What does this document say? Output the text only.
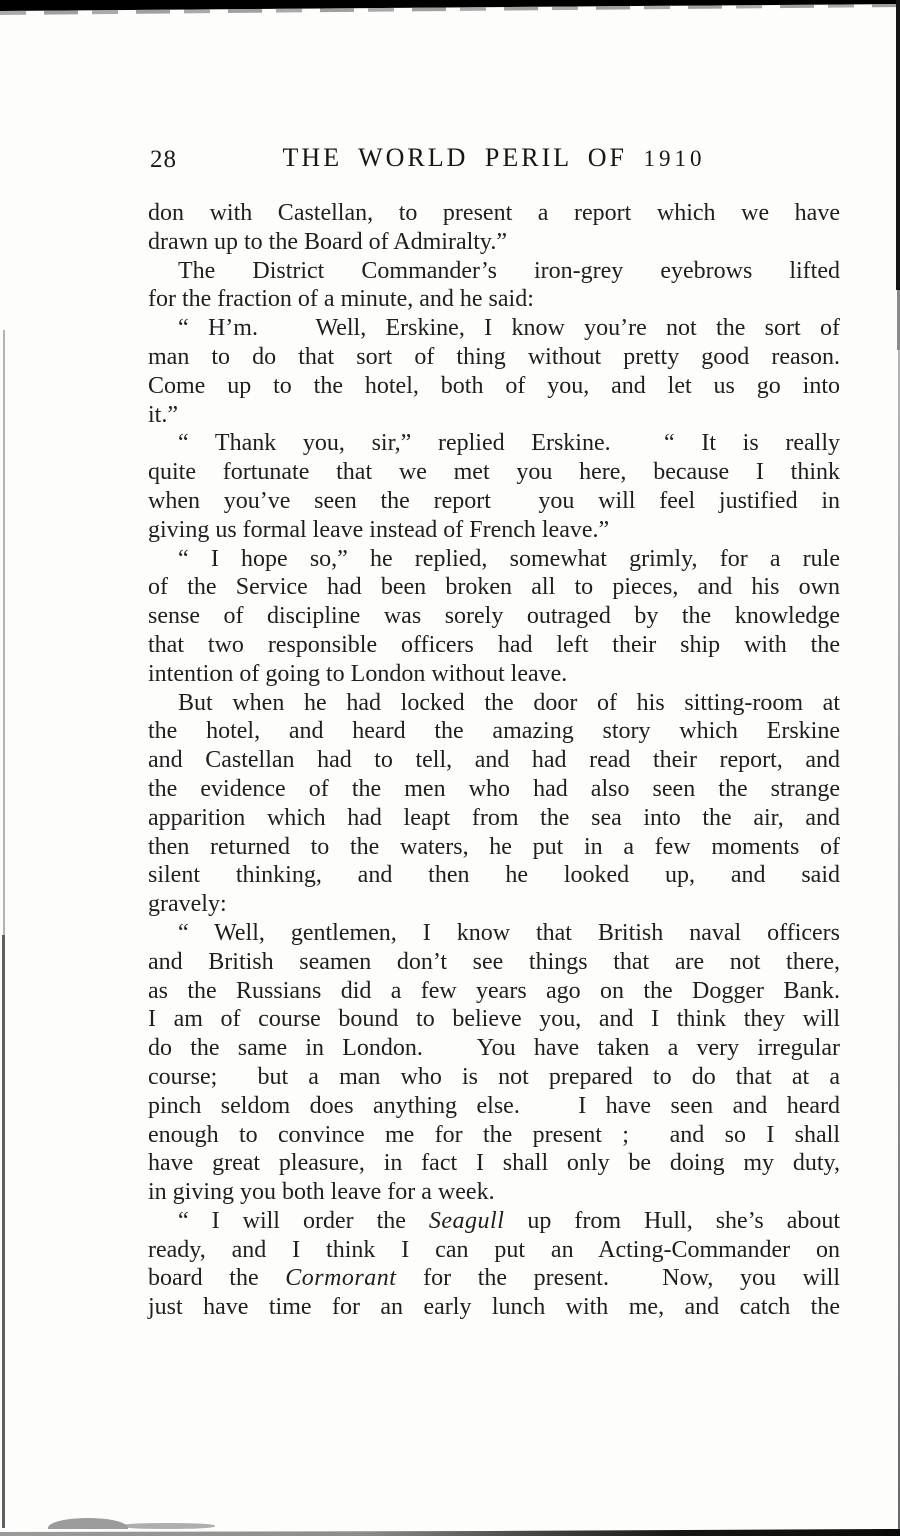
28	THE WORLD PERIL OF 1910
don with Castellan, to present a report which we have
drawn up to the Board of Admiralty.”
The District Commander’s iron-grey eyebrows lifted
for the fraction of a minute, and he said:
“ H’m.   Well, Erskine, I know you’re not the sort of
man to do that sort of thing without pretty good reason.
Come up to the hotel, both of you, and let us go into
it.”
“ Thank you, sir,” replied Erskine.  “ It is really
quite fortunate that we met you here, because I think
when you’ve seen the report  you will feel justified in
giving us formal leave instead of French leave.”
“ I hope so,” he replied, somewhat grimly, for a rule
of the Service had been broken all to pieces, and his own
sense of discipline was sorely outraged by the knowledge
that two responsible officers had left their ship with the
intention of going to London without leave.
But when he had locked the door of his sitting-room at
the hotel, and heard the amazing story which Erskine
and Castellan had to tell, and had read their report, and
the evidence of the men who had also seen the strange
apparition which had leapt from the sea into the air, and
then returned to the waters, he put in a few moments of
silent thinking, and then he looked up, and said
gravely:
“ Well, gentlemen, I know that British naval officers
and British seamen don’t see things that are not there,
as the Russians did a few years ago on the Dogger Bank.
I am of course bound to believe you, and I think they will
do the same in London.   You have taken a very irregular
course;  but a man who is not prepared to do that at a
pinch seldom does anything else.   I have seen and heard
enough to convince me for the present ;  and so I shall
have great pleasure, in fact I shall only be doing my duty,
in giving you both leave for a week.
“ I will order the Seagull up from Hull, she’s about
ready, and I think I can put an Acting-Commander on
board the Cormorant for the present.  Now, you will
just have time for an early lunch with me, and catch the
